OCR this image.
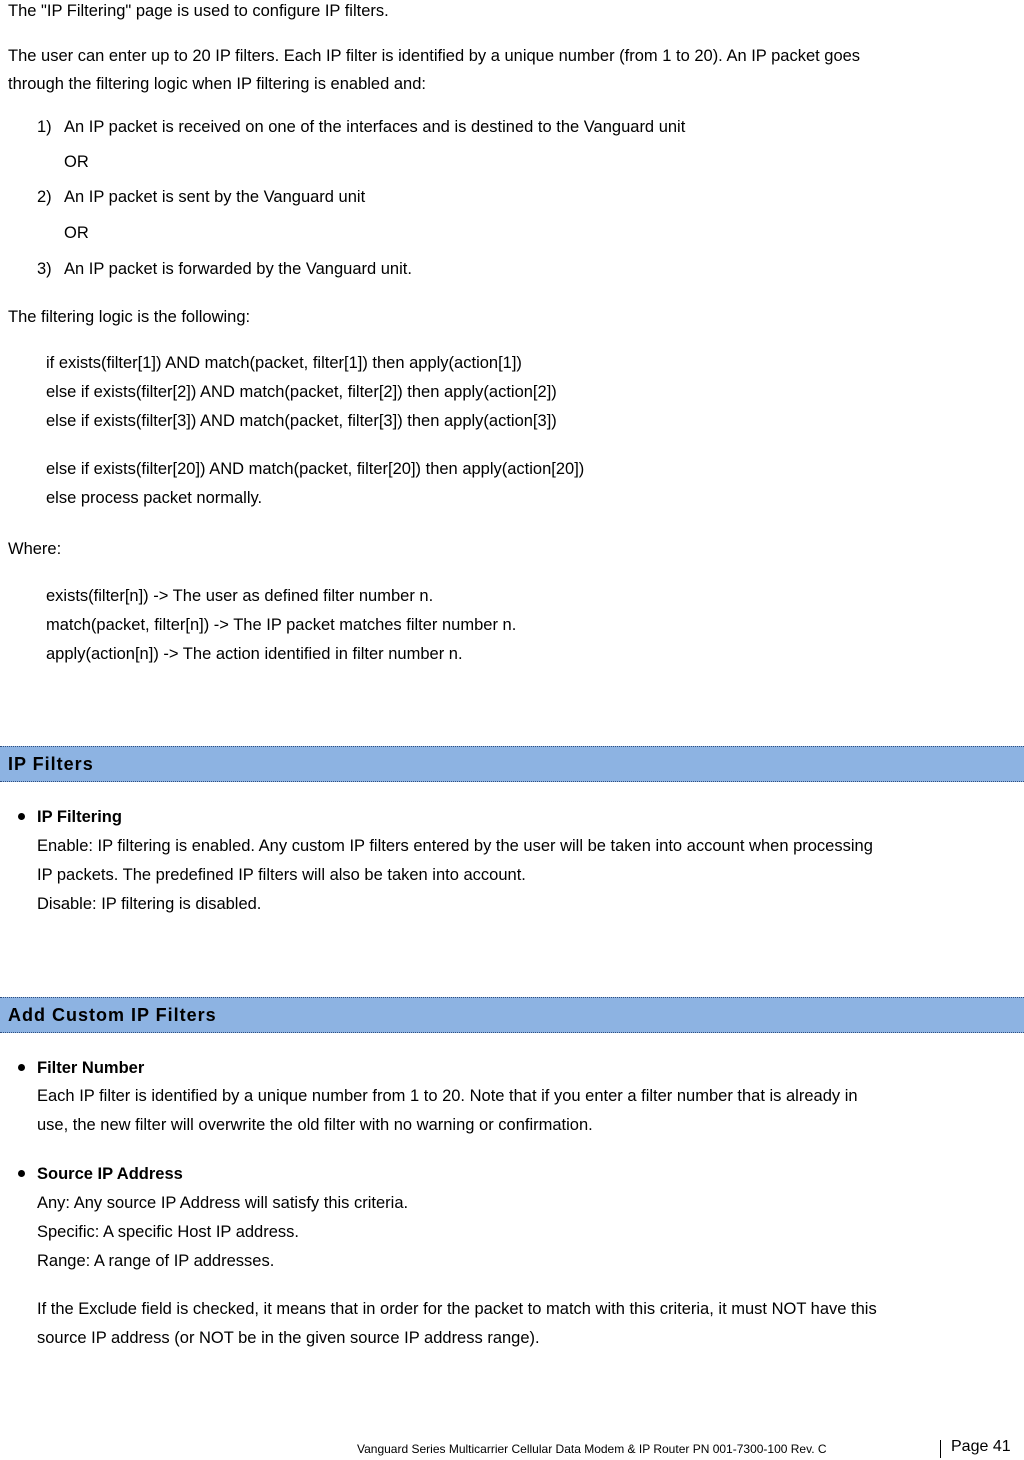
The "IP Filtering" page is used to configure IP filters.
The user can enter up to 20 IP filters. Each IP filter is identified by a unique number (from 1 to 20). An IP packet goes
through the filtering logic when IP filtering is enabled and:
1) An IP packet is received on one of the interfaces and is destined to the Vanguard unit
OR
2) An IP packet is sent by the Vanguard unit
OR
3) An IP packet is forwarded by the Vanguard unit.
The filtering logic is the following:
if exists(filter[1]) AND match(packet, filter[1]) then apply(action[1])
else if exists(filter[2]) AND match(packet, filter[2]) then apply(action[2])
else if exists(filter[3]) AND match(packet, filter[3]) then apply(action[3])
else if exists(filter[20]) AND match(packet, filter[20]) then apply(action[20])
else process packet normally.
Where:
exists(filter[n]) -> The user as defined filter number n.
match(packet, filter[n]) -> The IP packet matches filter number n.
apply(action[n]) -> The action identified in filter number n.
IP Filters
IP Filtering
Enable: IP filtering is enabled. Any custom IP filters entered by the user will be taken into account when processing
IP packets. The predefined IP filters will also be taken into account.
Disable: IP filtering is disabled.
Add Custom IP Filters
Filter Number
Each IP filter is identified by a unique number from 1 to 20. Note that if you enter a filter number that is already in
use, the new filter will overwrite the old filter with no warning or confirmation.
Source IP Address
Any: Any source IP Address will satisfy this criteria.
Specific: A specific Host IP address.
Range: A range of IP addresses.
If the Exclude field is checked, it means that in order for the packet to match with this criteria, it must NOT have this
source IP address (or NOT be in the given source IP address range).
Vanguard Series Multicarrier Cellular Data Modem & IP Router PN 001-7300-100 Rev. C	Page 41
